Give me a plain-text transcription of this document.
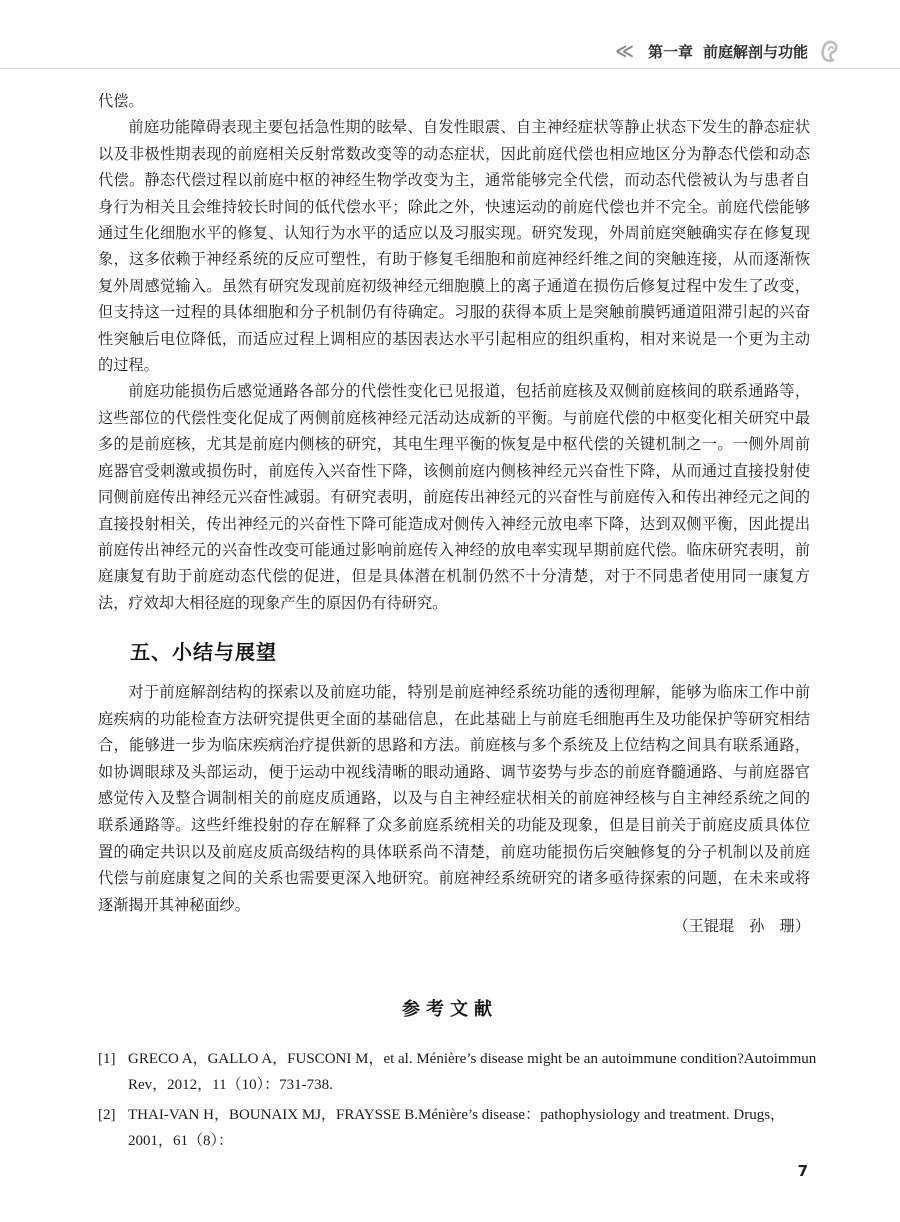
≪ 第一章 前庭解剖与功能

代偿。

前庭功能障碍表现主要包括急性期的眩晕、自发性眼震、自主神经症状等静止状态下发生的静态症状以及非极性期表现的前庭相关反射常数改变等的动态症状，因此前庭代偿也相应地区分为静态代偿和动态代偿。静态代偿过程以前庭中枢的神经生物学改变为主，通常能够完全代偿，而动态代偿被认为与患者自身行为相关且会维持较长时间的低代偿水平；除此之外，快速运动的前庭代偿也并不完全。前庭代偿能够通过生化细胞水平的修复、认知行为水平的适应以及习服实现。研究发现，外周前庭突触确实存在修复现象，这多依赖于神经系统的反应可塑性，有助于修复毛细胞和前庭神经纤维之间的突触连接，从而逐渐恢复外周感觉输入。虽然有研究发现前庭初级神经元细胞膜上的离子通道在损伤后修复过程中发生了改变，但支持这一过程的具体细胞和分子机制仍有待确定。习服的获得本质上是突触前膜钙通道阻滞引起的兴奋性突触后电位降低，而适应过程上调相应的基因表达水平引起相应的组织重构，相对来说是一个更为主动的过程。

前庭功能损伤后感觉通路各部分的代偿性变化已见报道，包括前庭核及双侧前庭核间的联系通路等，这些部位的代偿性变化促成了两侧前庭核神经元活动达成新的平衡。与前庭代偿的中枢变化相关研究中最多的是前庭核，尤其是前庭内侧核的研究，其电生理平衡的恢复是中枢代偿的关键机制之一。一侧外周前庭器官受刺激或损伤时，前庭传入兴奋性下降，该侧前庭内侧核神经元兴奋性下降，从而通过直接投射使同侧前庭传出神经元兴奋性减弱。有研究表明，前庭传出神经元的兴奋性与前庭传入和传出神经元之间的直接投射相关，传出神经元的兴奋性下降可能造成对侧传入神经元放电率下降，达到双侧平衡，因此提出前庭传出神经元的兴奋性改变可能通过影响前庭传入神经的放电率实现早期前庭代偿。临床研究表明，前庭康复有助于前庭动态代偿的促进，但是具体潜在机制仍然不十分清楚，对于不同患者使用同一康复方法，疗效却大相径庭的现象产生的原因仍有待研究。

五、小结与展望

对于前庭解剖结构的探索以及前庭功能，特别是前庭神经系统功能的透彻理解，能够为临床工作中前庭疾病的功能检查方法研究提供更全面的基础信息，在此基础上与前庭毛细胞再生及功能保护等研究相结合，能够进一步为临床疾病治疗提供新的思路和方法。前庭核与多个系统及上位结构之间具有联系通路，如协调眼球及头部运动，便于运动中视线清晰的眼动通路、调节姿势与步态的前庭脊髓通路、与前庭器官感觉传入及整合调制相关的前庭皮质通路，以及与自主神经症状相关的前庭神经核与自主神经系统之间的联系通路等。这些纤维投射的存在解释了众多前庭系统相关的功能及现象，但是目前关于前庭皮质具体位置的确定共识以及前庭皮质高级结构的具体联系尚不清楚，前庭功能损伤后突触修复的分子机制以及前庭代偿与前庭康复之间的关系也需要更深入地研究。前庭神经系统研究的诸多亟待探索的问题，在未来或将逐渐揭开其神秘面纱。

（王锟琨　孙　珊）
参考文献
[1] GRECO A，GALLO A，FUSCONI M，et al. Ménière’s disease might be an autoimmune condition?Autoimmun Rev，2012，11（10）：731-738.
[2] THAI-VAN H，BOUNAIX MJ，FRAYSSE B.Ménière’s disease：pathophysiology and treatment. Drugs，2001，61（8）：
7
